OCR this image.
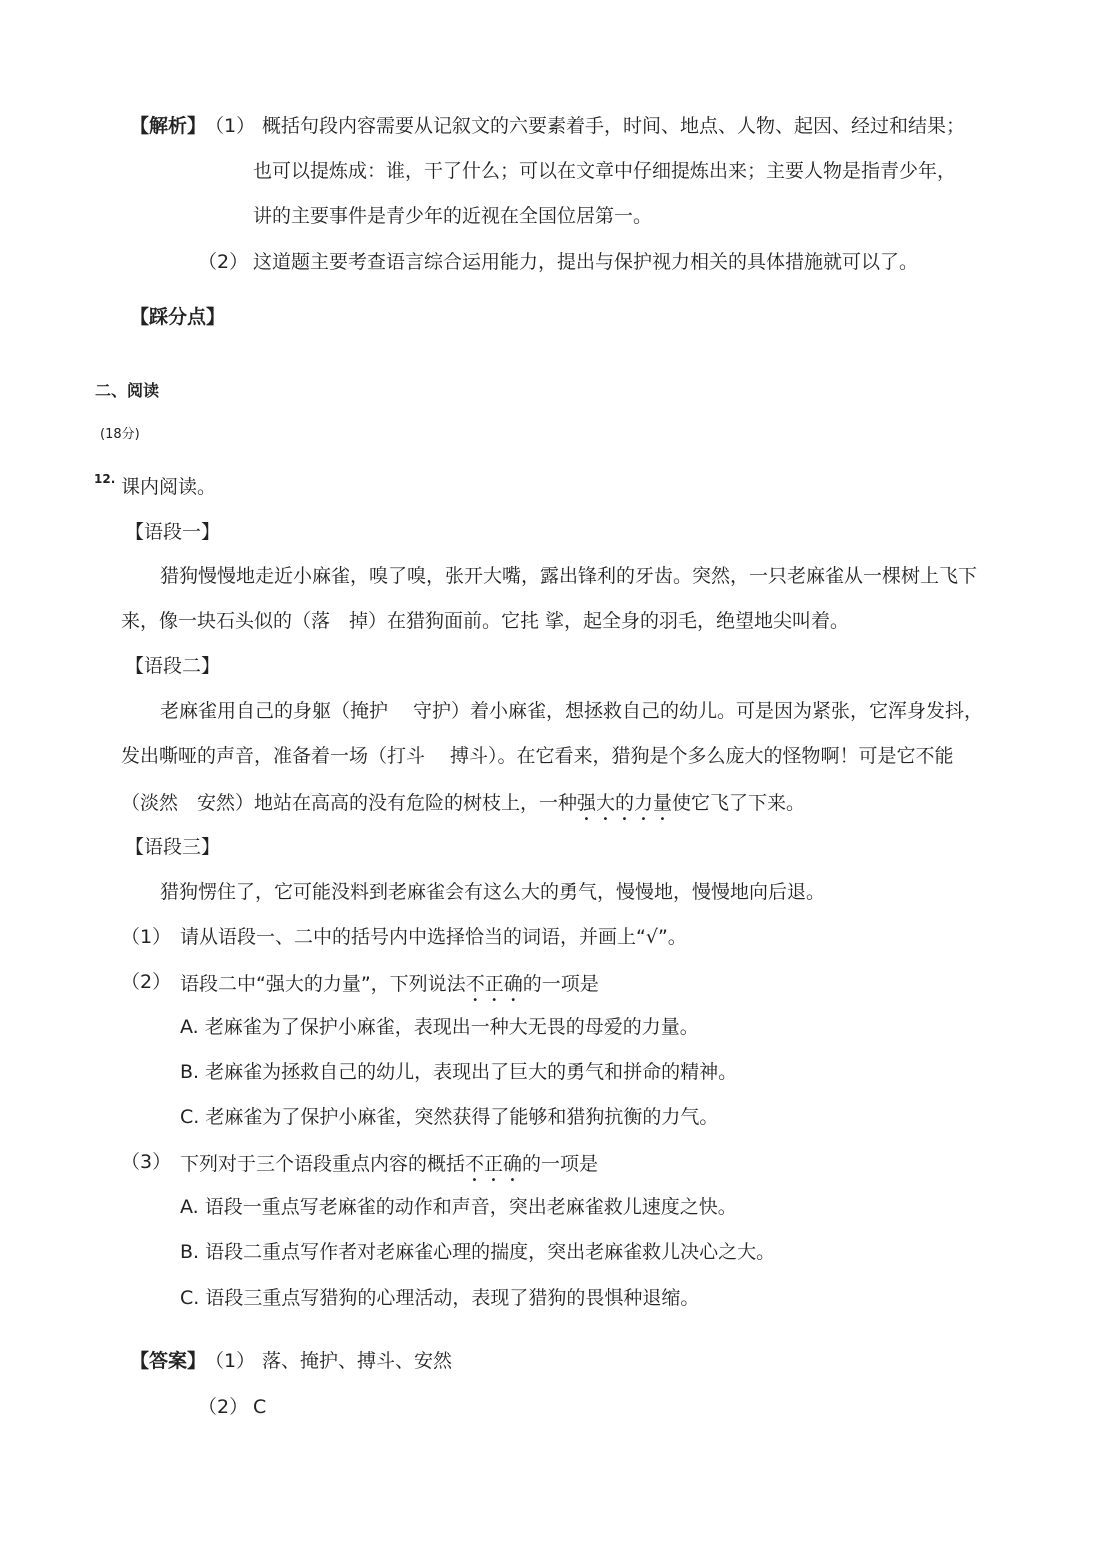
【解析】
（1） 概括句段内容需要从记叙文的六要素着手，时间、地点、人物、起因、经过和结果；
也可以提炼成：谁，干了什么；可以在文章中仔细提炼出来；主要人物是指青少年，
讲的主要事件是青少年的近视在全国位居第一。
（2） 这道题主要考查语言综合运用能力，提出与保护视力相关的具体措施就可以了。
【踩分点】
二、阅读
(18分)
12. 课内阅读。
【语段一】
猎狗慢慢地走近小麻雀，嗅了嗅，张开大嘴，露出锋利的牙齿。突然，一只老麻雀从一棵树上飞下
来，像一块石头似的（落　掉）在猎狗面前。它扥 挲，起全身的羽毛，绝望地尖叫着。
【语段二】
老麻雀用自己的身躯（掩护　 守护）着小麻雀，想拯救自己的幼儿。可是因为紧张，它浑身发抖，
发出嘶哑的声音，准备着一场（打斗　 搏斗）。在它看来，猎狗是个多么庞大的怪物啊！可是它不能
（淡然　安然）地站在高高的没有危险的树枝上，一种强大的力量使它飞了下来。
【语段三】
猎狗愣住了，它可能没料到老麻雀会有这么大的勇气，慢慢地，慢慢地向后退。
（1） 请从语段一、二中的括号内中选择恰当的词语，并画上“√”。
（2） 语段二中“强大的力量”，下列说法不正确的一项是
A. 老麻雀为了保护小麻雀，表现出一种大无畏的母爱的力量。
B. 老麻雀为拯救自己的幼儿，表现出了巨大的勇气和拼命的精神。
C. 老麻雀为了保护小麻雀，突然获得了能够和猎狗抗衡的力气。
（3） 下列对于三个语段重点内容的概括不正确的一项是
A. 语段一重点写老麻雀的动作和声音，突出老麻雀救儿速度之快。
B. 语段二重点写作者对老麻雀心理的揣度，突出老麻雀救儿决心之大。
C. 语段三重点写猎狗的心理活动，表现了猎狗的畏惧种退缩。
【答案】
（1） 落、掩护、搏斗、安然
（2） C
